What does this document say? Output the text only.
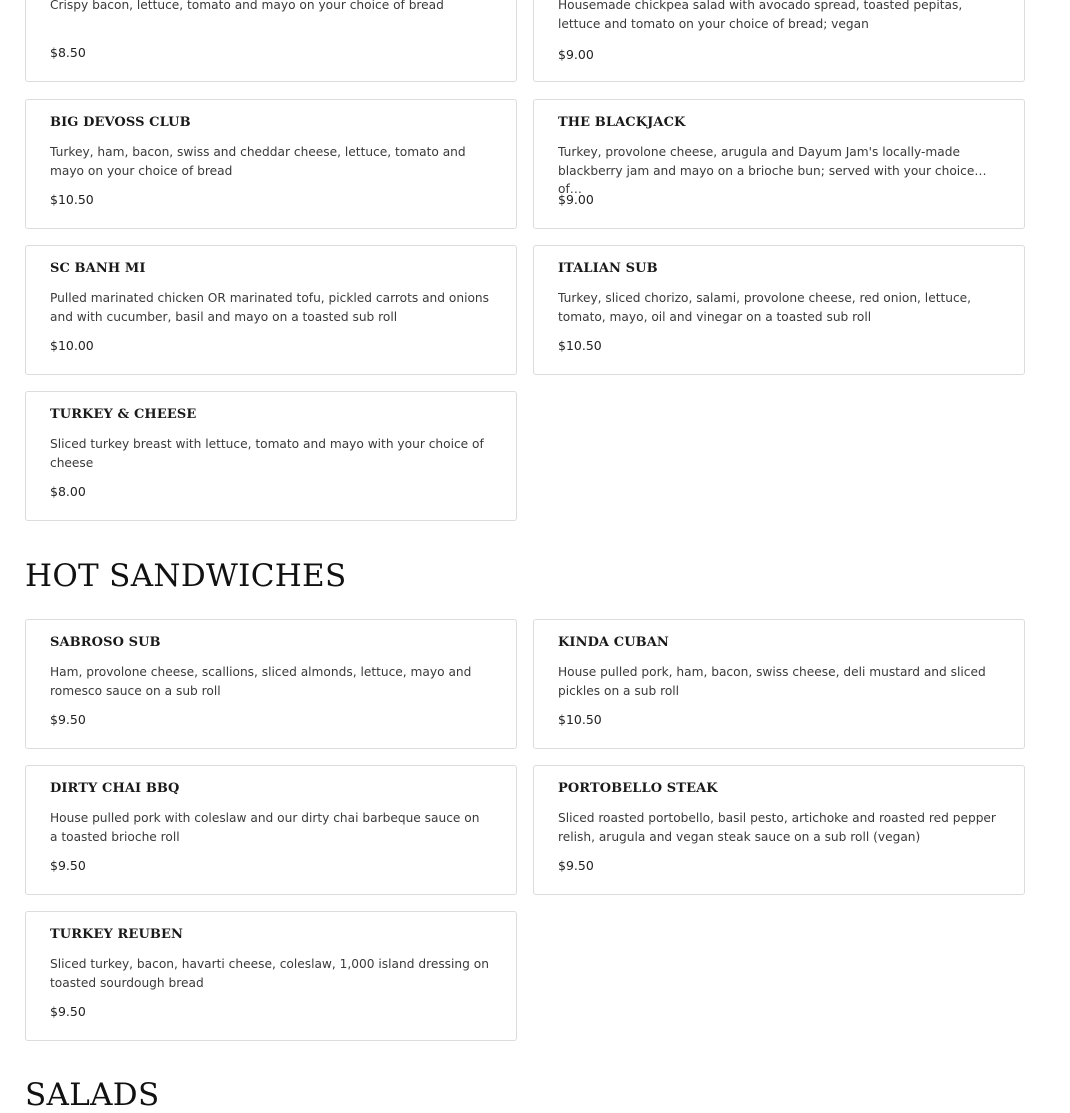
Crispy bacon, lettuce, tomato and mayo on your choice of bread
$8.50
Housemade chickpea salad with avocado spread, toasted pepitas, lettuce and tomato on your choice of bread; vegan
$9.00
BIG DEVOSS CLUB
Turkey, ham, bacon, swiss and cheddar cheese, lettuce, tomato and mayo on your choice of bread
$10.50
THE BLACKJACK
Turkey, provolone cheese, arugula and Dayum Jam's locally-made blackberry jam and mayo on a brioche bun; served with your choice of…
$9.00
SC BANH MI
Pulled marinated chicken OR marinated tofu, pickled carrots and onions and with cucumber, basil and mayo on a toasted sub roll
$10.00
ITALIAN SUB
Turkey, sliced chorizo, salami, provolone cheese, red onion, lettuce, tomato, mayo, oil and vinegar on a toasted sub roll
$10.50
TURKEY & CHEESE
Sliced turkey breast with lettuce, tomato and mayo with your choice of cheese
$8.00
HOT SANDWICHES
SABROSO SUB
Ham, provolone cheese, scallions, sliced almonds, lettuce, mayo and romesco sauce on a sub roll
$9.50
KINDA CUBAN
House pulled pork, ham, bacon, swiss cheese, deli mustard and sliced pickles on a sub roll
$10.50
DIRTY CHAI BBQ
House pulled pork with coleslaw and our dirty chai barbeque sauce on a toasted brioche roll
$9.50
PORTOBELLO STEAK
Sliced roasted portobello, basil pesto, artichoke and roasted red pepper relish, arugula and vegan steak sauce on a sub roll (vegan)
$9.50
TURKEY REUBEN
Sliced turkey, bacon, havarti cheese, coleslaw, 1,000 island dressing on toasted sourdough bread
$9.50
SALADS
